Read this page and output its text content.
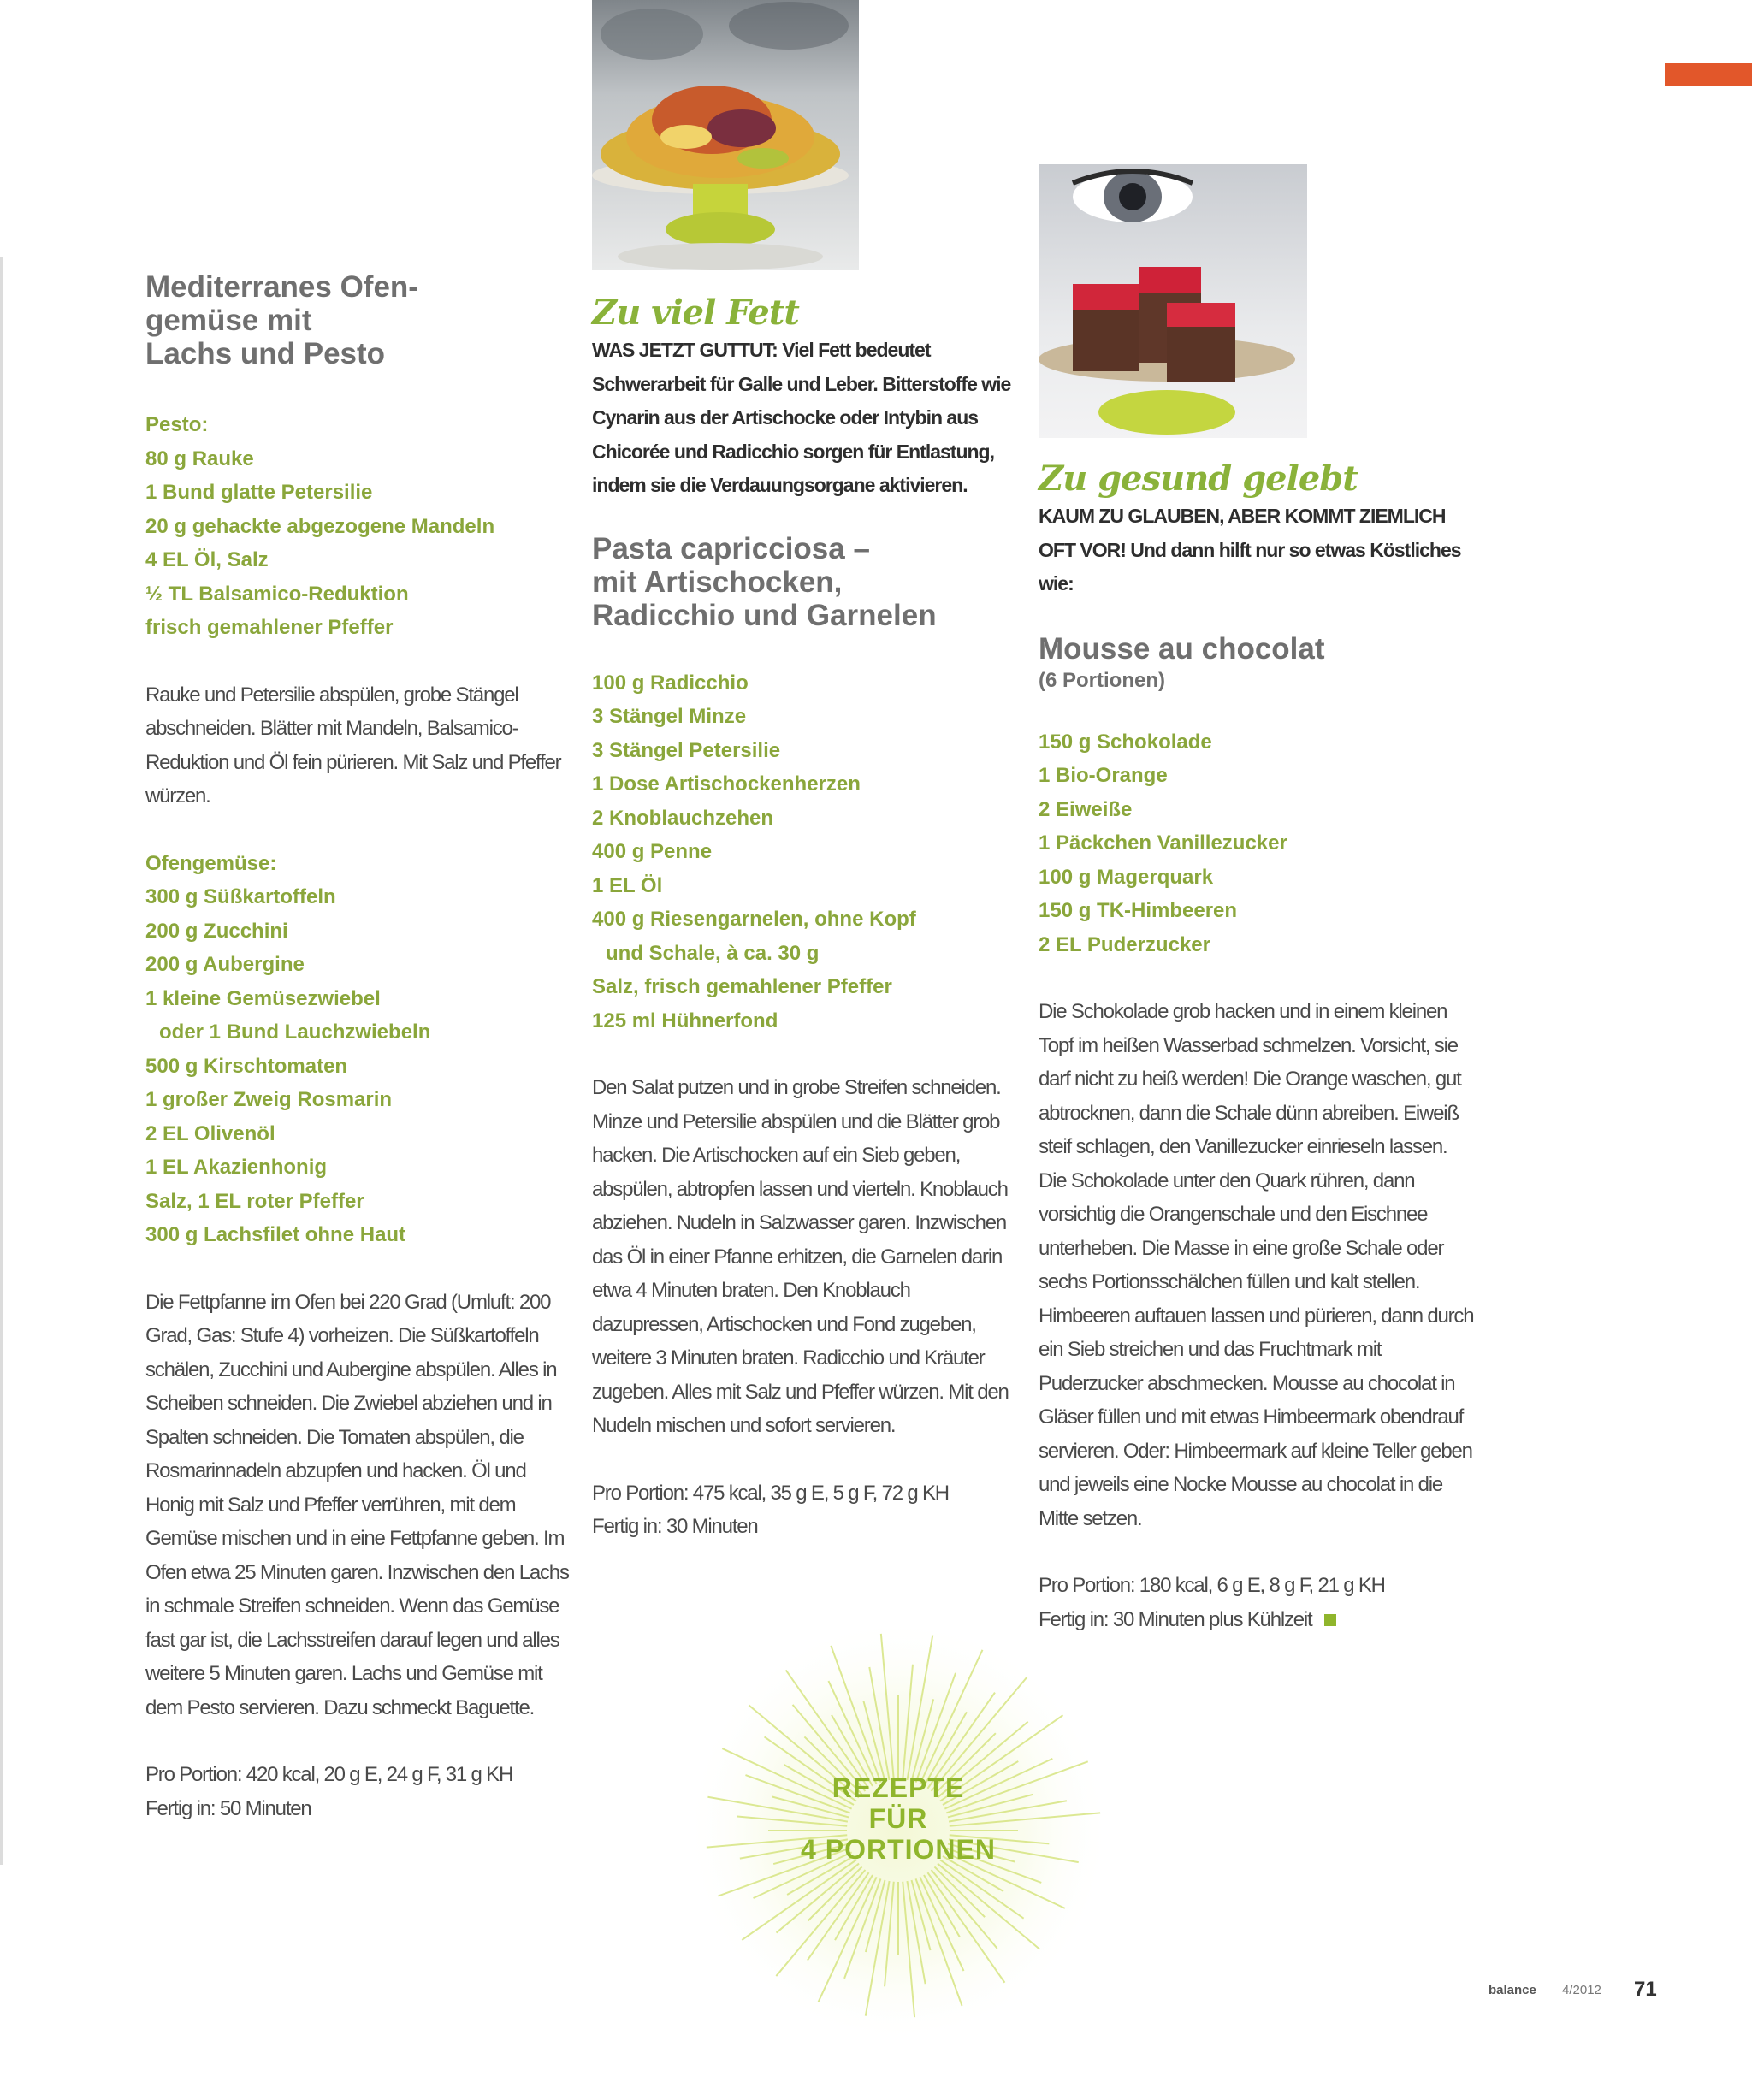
Mediterranes Ofen-
gemüse mit
Lachs und Pesto
Pesto:
80 g Rauke
1 Bund glatte Petersilie
20 g gehackte abgezogene Mandeln
4 EL Öl, Salz
½ TL Balsamico-Reduktion
frisch gemahlener Pfeffer

Rauke und Petersilie abspülen, grobe Stängel abschneiden. Blätter mit Mandeln, Balsamico-Reduktion und Öl fein pürieren. Mit Salz und Pfeffer würzen.

Ofengemüse:
300 g Süßkartoffeln
200 g Zucchini
200 g Aubergine
1 kleine Gemüsezwiebel
oder 1 Bund Lauchzwiebeln
500 g Kirschtomaten
1 großer Zweig Rosmarin
2 EL Olivenöl
1 EL Akazienhonig
Salz, 1 EL roter Pfeffer
300 g Lachsfilet ohne Haut

Die Fettpfanne im Ofen bei 220 Grad (Umluft: 200 Grad, Gas: Stufe 4) vorheizen. Die Süßkartoffeln schälen, Zucchini und Aubergine abspülen. Alles in Scheiben schneiden. Die Zwiebel abziehen und in Spalten schneiden. Die Tomaten abspülen, die Rosmarinnadeln abzupfen und hacken. Öl und Honig mit Salz und Pfeffer verrühren, mit dem Gemüse mischen und in eine Fettpfanne geben. Im Ofen etwa 25 Minuten garen. Inzwischen den Lachs in schmale Streifen schneiden. Wenn das Gemüse fast gar ist, die Lachsstreifen darauf legen und alles weitere 5 Minuten garen. Lachs und Gemüse mit dem Pesto servieren. Dazu schmeckt Baguette.

Pro Portion: 420 kcal, 20 g E, 24 g F, 31 g KH

Fertig in: 50 Minuten

Zu viel Fett

WAS JETZT GUTTUT: Viel Fett bedeutet Schwerarbeit für Galle und Leber. Bitterstoffe wie Cynarin aus der Artischocke oder Intybin aus Chicorée und Radicchio sorgen für Entlastung, indem sie die Verdauungsorgane aktivieren.

Pasta capricciosa –
mit Artischocken,
Radicchio und Garnelen
100 g Radicchio
3 Stängel Minze
3 Stängel Petersilie
1 Dose Artischockenherzen
2 Knoblauchzehen
400 g Penne
1 EL Öl
400 g Riesengarnelen, ohne Kopf
und Schale, à ca. 30 g
Salz, frisch gemahlener Pfeffer
125 ml Hühnerfond

Den Salat putzen und in grobe Streifen schneiden. Minze und Petersilie abspülen und die Blätter grob hacken. Die Artischocken auf ein Sieb geben, abspülen, abtropfen lassen und vierteln. Knoblauch abziehen. Nudeln in Salzwasser garen. Inzwischen das Öl in einer Pfanne erhitzen, die Garnelen darin etwa 4 Minuten braten. Den Knoblauch dazupressen, Artischocken und Fond zugeben, weitere 3 Minuten braten. Radicchio und Kräuter zugeben. Alles mit Salz und Pfeffer würzen. Mit den Nudeln mischen und sofort servieren.

Pro Portion: 475 kcal, 35 g E, 5 g F, 72 g KH

Fertig in: 30 Minuten

Zu gesund gelebt

KAUM ZU GLAUBEN, ABER KOMMT ZIEMLICH OFT VOR! Und dann hilft nur so etwas Köstliches wie:

Mousse au chocolat

(6 Portionen)

150 g Schokolade
1 Bio-Orange
2 Eiweiße
1 Päckchen Vanillezucker
100 g Magerquark
150 g TK-Himbeeren
2 EL Puderzucker

Die Schokolade grob hacken und in einem kleinen Topf im heißen Wasserbad schmelzen. Vorsicht, sie darf nicht zu heiß werden! Die Orange waschen, gut abtrocknen, dann die Schale dünn abreiben. Eiweiß steif schlagen, den Vanillezucker einrieseln lassen. Die Schokolade unter den Quark rühren, dann vorsichtig die Orangenschale und den Eischnee unterheben. Die Masse in eine große Schale oder sechs Portionsschälchen füllen und kalt stellen. Himbeeren auftauen lassen und pürieren, dann durch ein Sieb streichen und das Fruchtmark mit Puderzucker abschmecken. Mousse au chocolat in Gläser füllen und mit etwas Himbeermark obendrauf servieren. Oder: Himbeermark auf kleine Teller geben und jeweils eine Nocke Mousse au chocolat in die Mitte setzen.

Pro Portion: 180 kcal, 6 g E, 8 g F, 21 g KH

Fertig in: 30 Minuten plus Kühlzeit

REZEPTE
FÜR
4 PORTIONEN
balance 4/2012 71
